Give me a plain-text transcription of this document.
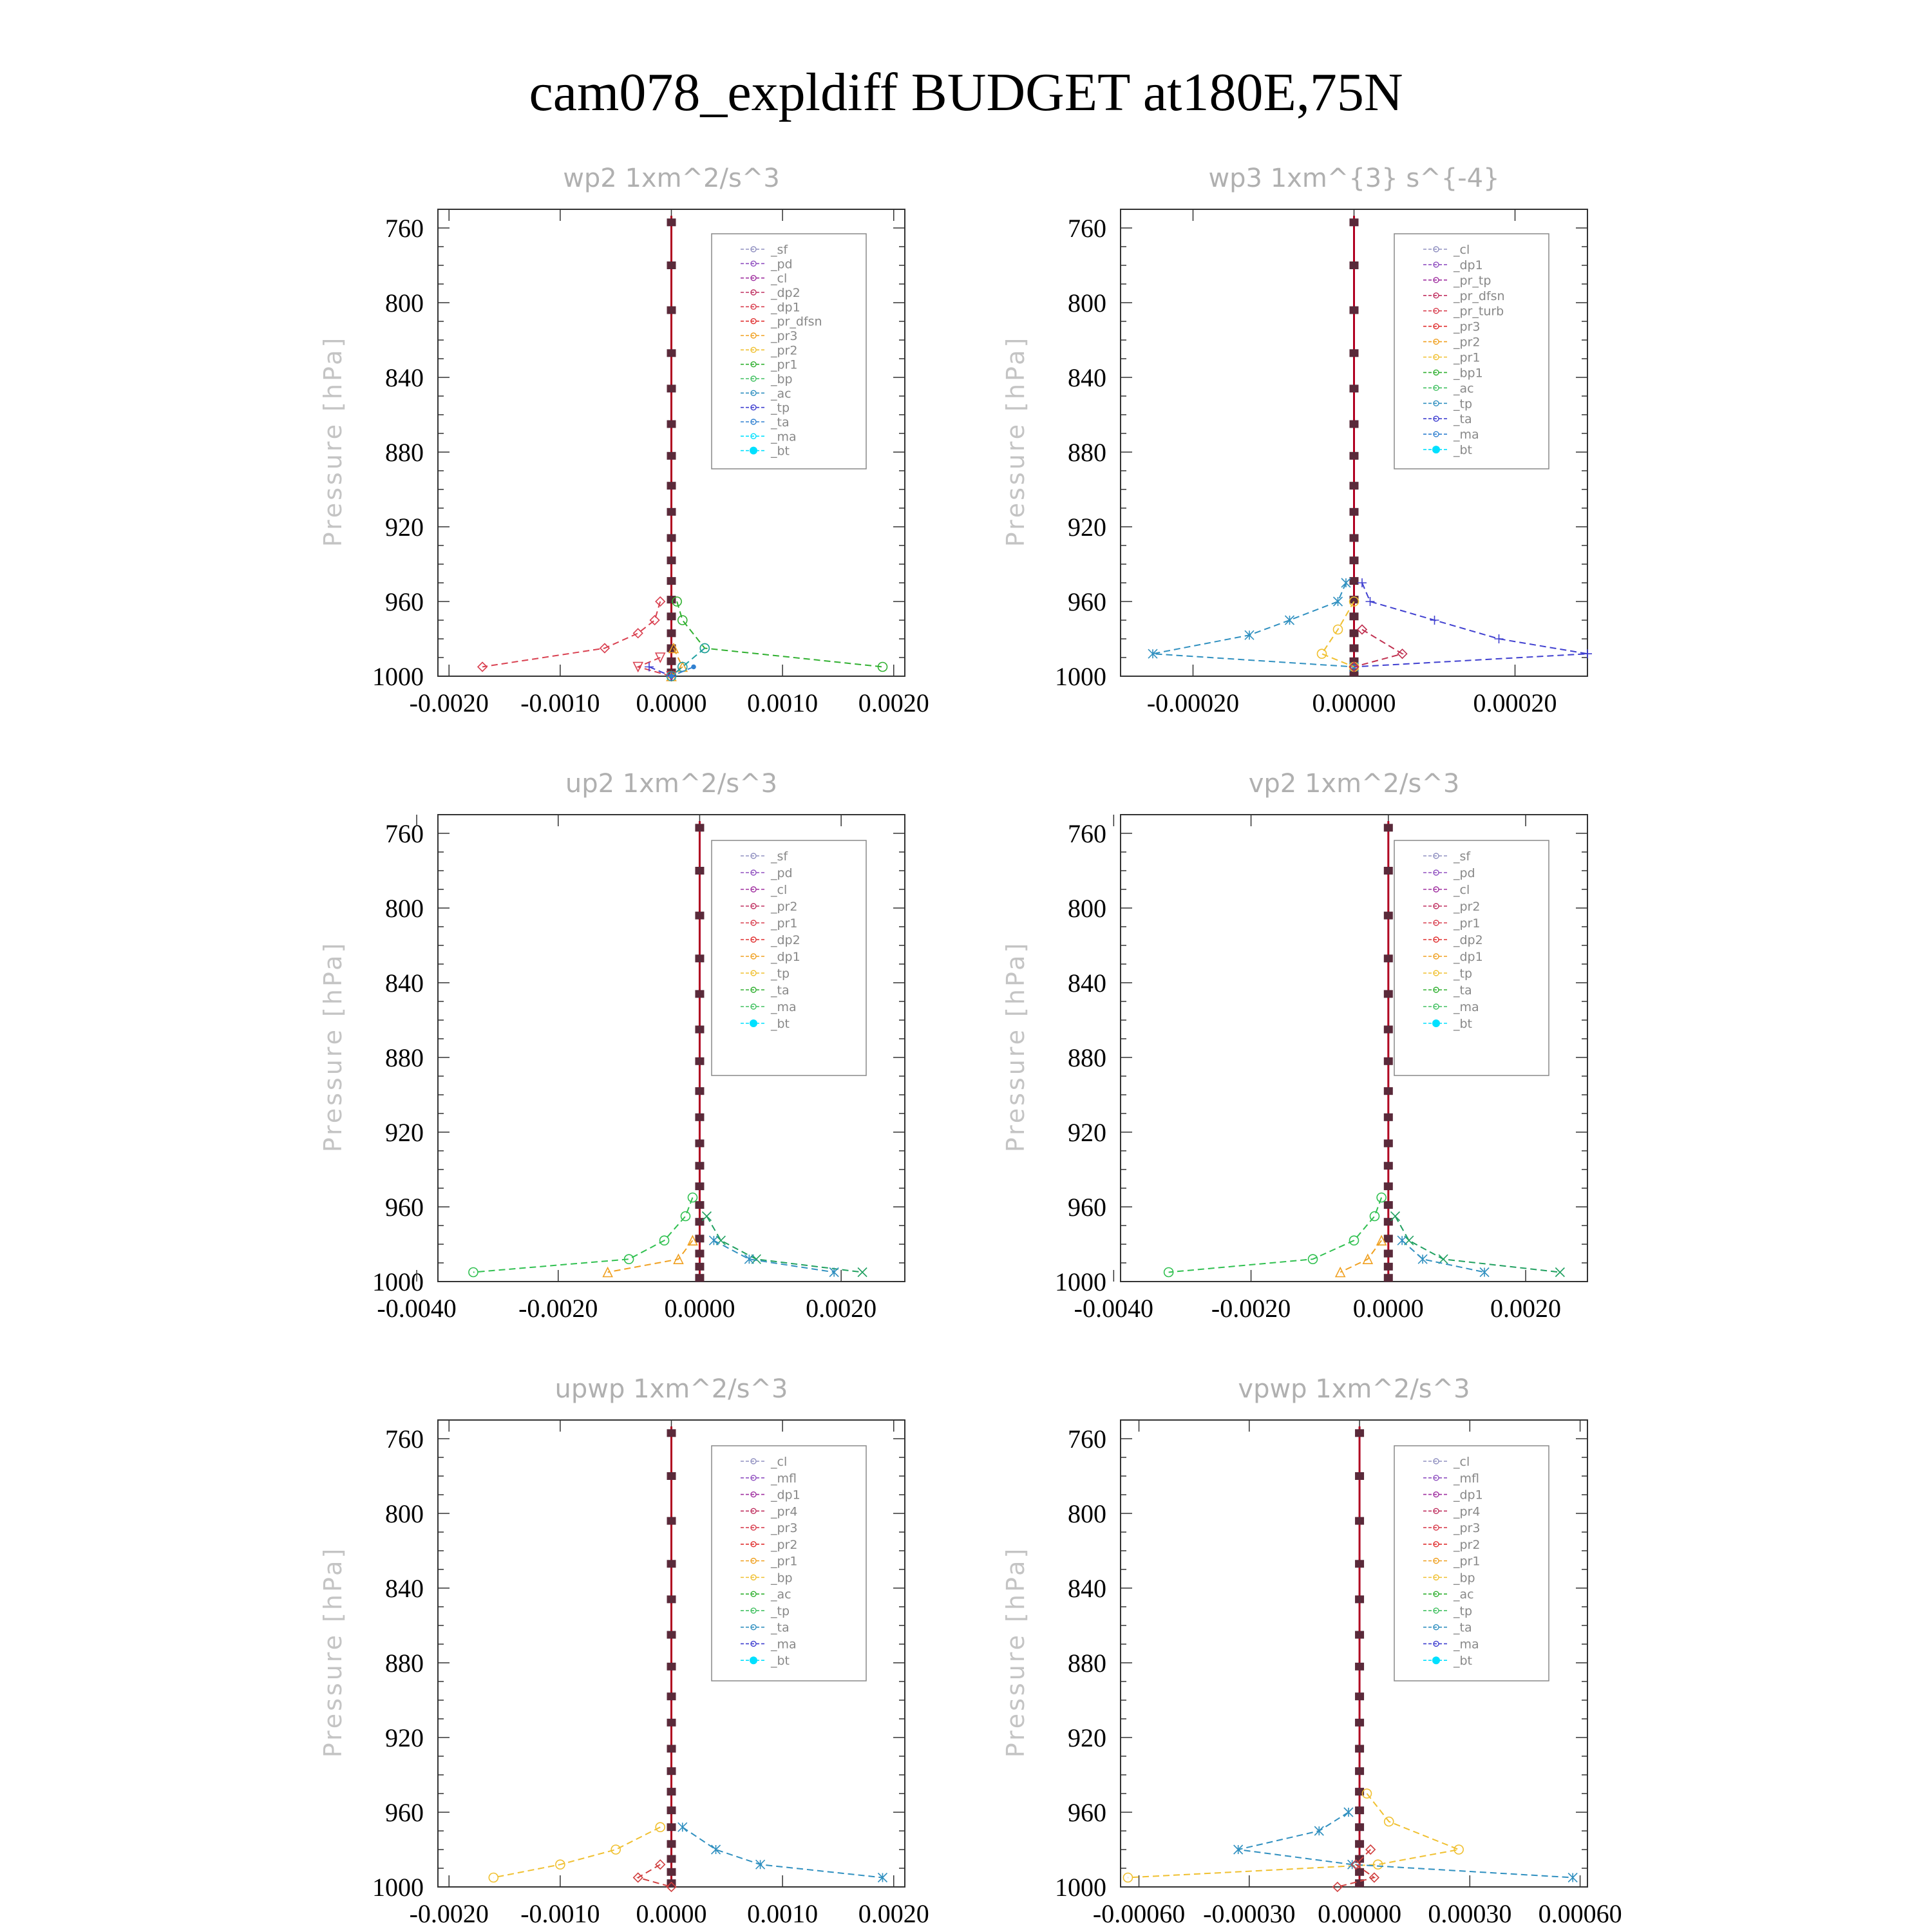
cam078_expldiff BUDGET at180E,75N
wp2 1xm^2/s^3
Pressure [hPa]
760
800
840
880
920
960
1000
-0.0020 -0.0010 0.0000 0.0010 0.0020
_sf
_pd
_cl
_dp2
_dp1
_pr_dfsn
_pr3
_pr2
_pr1
_bp
_ac
_tp
_ta
_ma
_bt
wp3 1xm^{3} s^{-4}
Pressure [hPa]
760
800
840
880
920
960
1000
-0.00020	0.00000	0.00020
_cl
_dp1
_pr_tp
_pr_dfsn
_pr_turb
_pr3
_pr2
_pr1
_bp1
_ac
_tp
_ta
_ma
_bt
up2 1xm^2/s^3
Pressure [hPa]
760
800
840
880
920
960
1000
-0.0040 -0.0020	0.0000	0.0020
_sf
_pd
_cl
_pr2
_pr1
_dp2
_dp1
_tp
_ta
_ma
_bt
vp2 1xm^2/s^3
Pressure [hPa]
760
800
840
880
920
960
1000
-0.0040 -0.0020 0.0000	0.0020
_sf
_pd
_cl
_pr2
_pr1
_dp2
_dp1
_tp
_ta
_ma
_bt
upwp 1xm^2/s^3
Pressure [hPa]
760
800
840
880
920
960
1000
-0.0020 -0.0010 0.0000 0.0010 0.0020
_cl
_mfl
_dp1
_pr4
_pr3
_pr2
_pr1
_bp
_ac
_tp
_ta
_ma
_bt
vpwp 1xm^2/s^3
Pressure [hPa]
760
800
840
880
920
960
1000
-0.00060 -0.00030 0.00000 0.00030 0.00060
_cl
_mfl
_dp1
_pr4
_pr3
_pr2
_pr1
_bp
_ac
_tp
_ta
_ma
_bt
